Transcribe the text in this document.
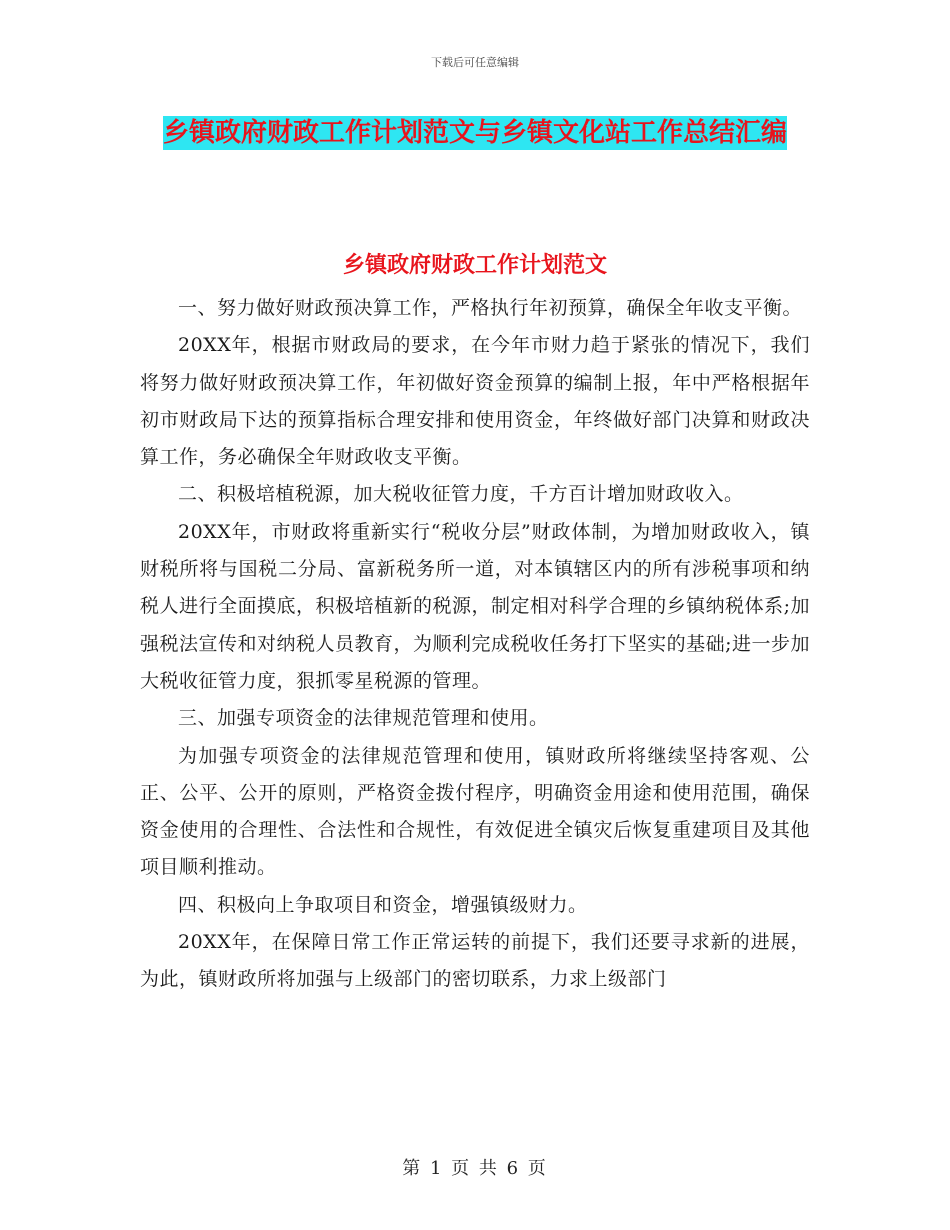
下载后可任意编辑
乡镇政府财政工作计划范文与乡镇文化站工作总结汇编
乡镇政府财政工作计划范文

一、努力做好财政预决算工作，严格执行年初预算，确保全年收支平衡。

20XX年，根据市财政局的要求，在今年市财力趋于紧张的情况下，我们将努力做好财政预决算工作，年初做好资金预算的编制上报，年中严格根据年初市财政局下达的预算指标合理安排和使用资金，年终做好部门决算和财政决算工作，务必确保全年财政收支平衡。

二、积极培植税源，加大税收征管力度，千方百计增加财政收入。

20XX年，市财政将重新实行“税收分层”财政体制，为增加财政收入，镇财税所将与国税二分局、富新税务所一道，对本镇辖区内的所有涉税事项和纳税人进行全面摸底，积极培植新的税源，制定相对科学合理的乡镇纳税体系;加强税法宣传和对纳税人员教育，为顺利完成税收任务打下坚实的基础;进一步加大税收征管力度，狠抓零星税源的管理。

三、加强专项资金的法律规范管理和使用。

为加强专项资金的法律规范管理和使用，镇财政所将继续坚持客观、公正、公平、公开的原则，严格资金拨付程序，明确资金用途和使用范围，确保资金使用的合理性、合法性和合规性，有效促进全镇灾后恢复重建项目及其他项目顺利推动。

四、积极向上争取项目和资金，增强镇级财力。

20XX年，在保障日常工作正常运转的前提下，我们还要寻求新的进展，为此，镇财政所将加强与上级部门的密切联系，力求上级部门

第 1 页 共 6 页
